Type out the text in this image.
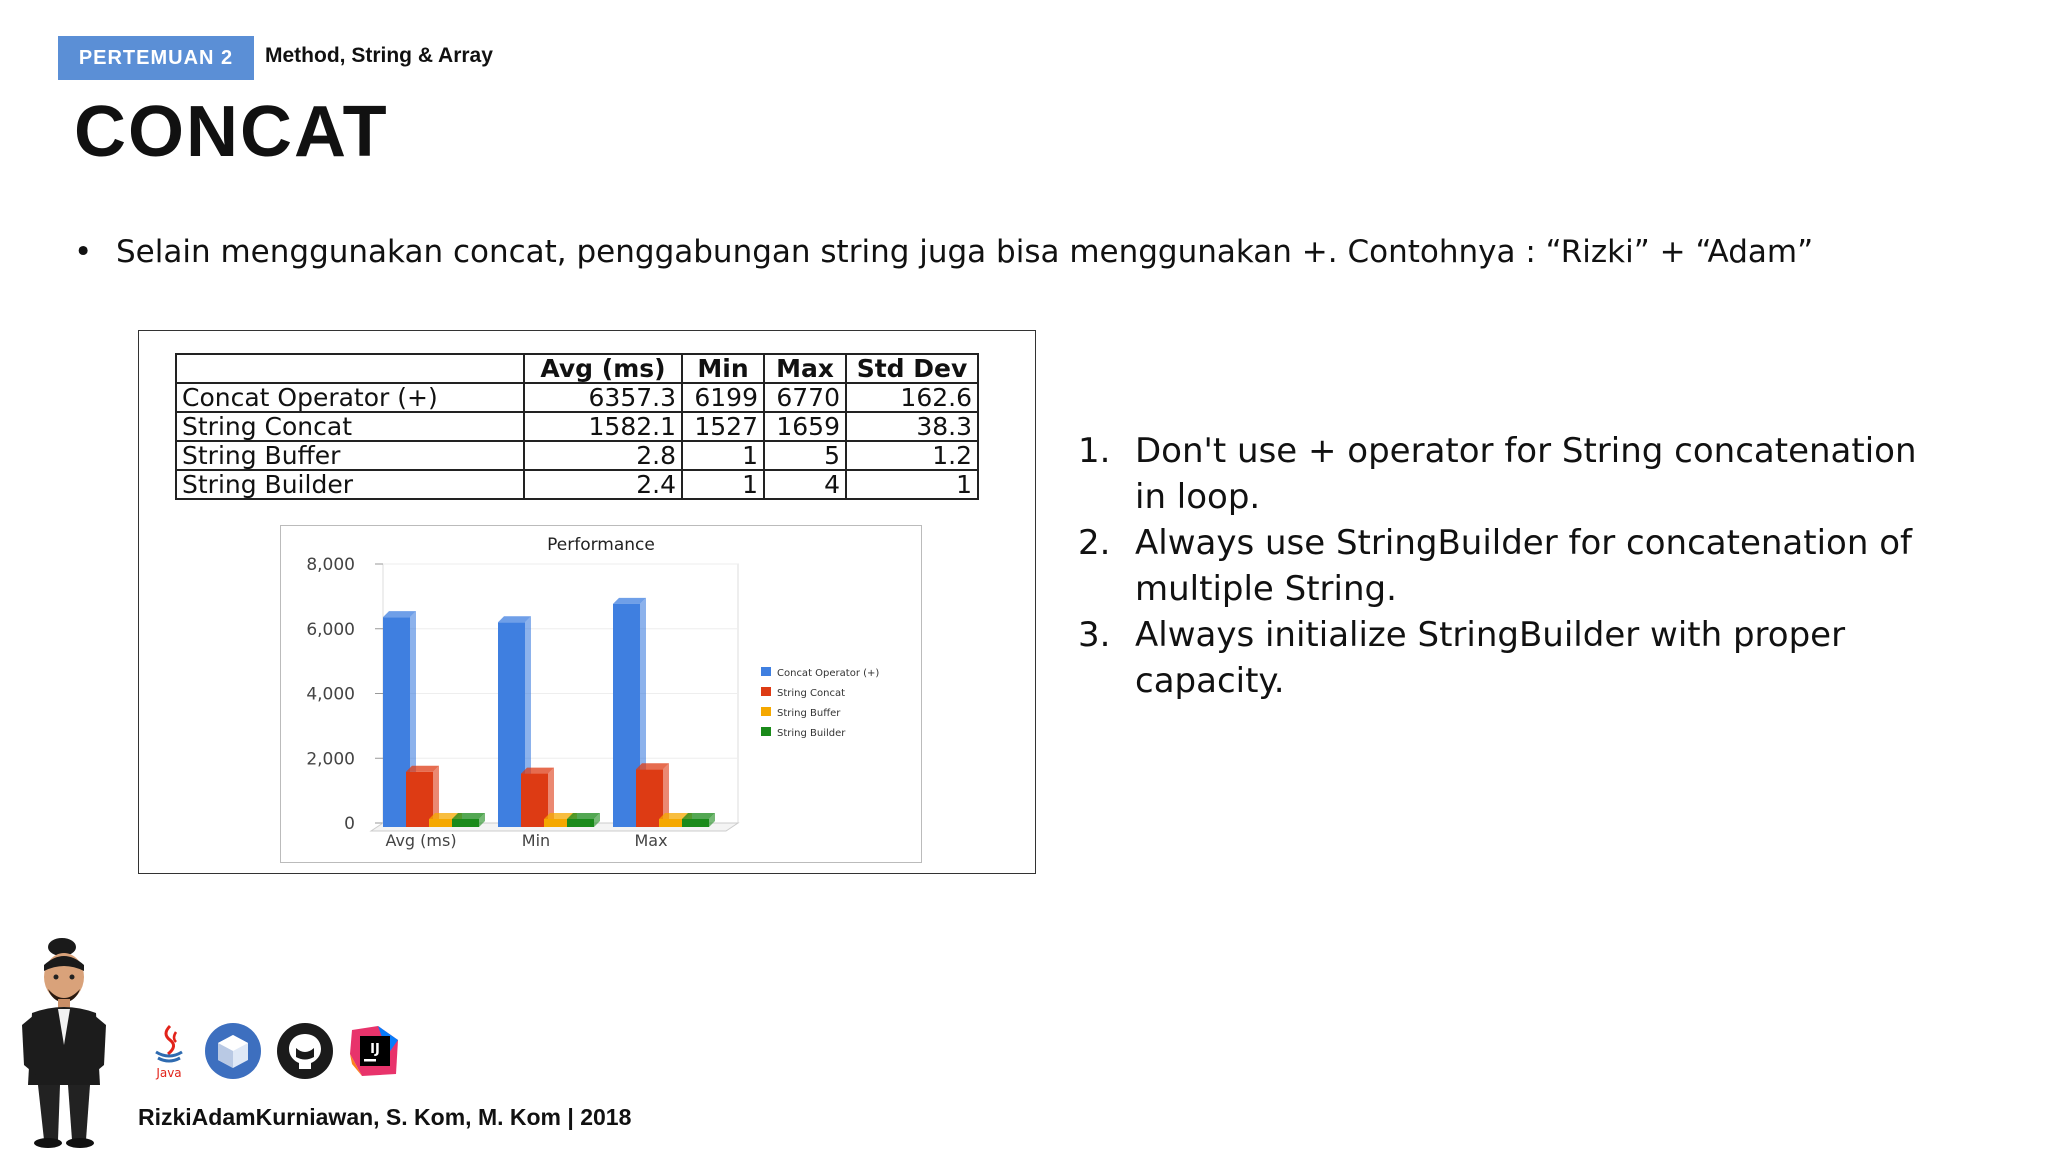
PERTEMUAN 2	Method, String & Array
CONCAT
• Selain menggunakan concat, penggabungan string juga bisa menggunakan +. Contohnya : “Rizki” + “Adam”
	Avg (ms)	Min	Max	Std Dev
Concat Operator (+)	6357.3	6199	6770	162.6
String Concat	1582.1	1527	1659	38.3
String Buffer	2.8	1	5	1.2
String Builder	2.4	1	4	1
Performance
8,000
6,000
4,000
2,000
0
Avg (ms)	Min	Max
Concat Operator (+)
String Concat
String Buffer
String Builder
1. Don't use + operator for String concatenation in loop.
2. Always use StringBuilder for concatenation of multiple String.
3. Always initialize StringBuilder with proper capacity.
Java
IJ
RizkiAdamKurniawan, S. Kom, M. Kom | 2018
